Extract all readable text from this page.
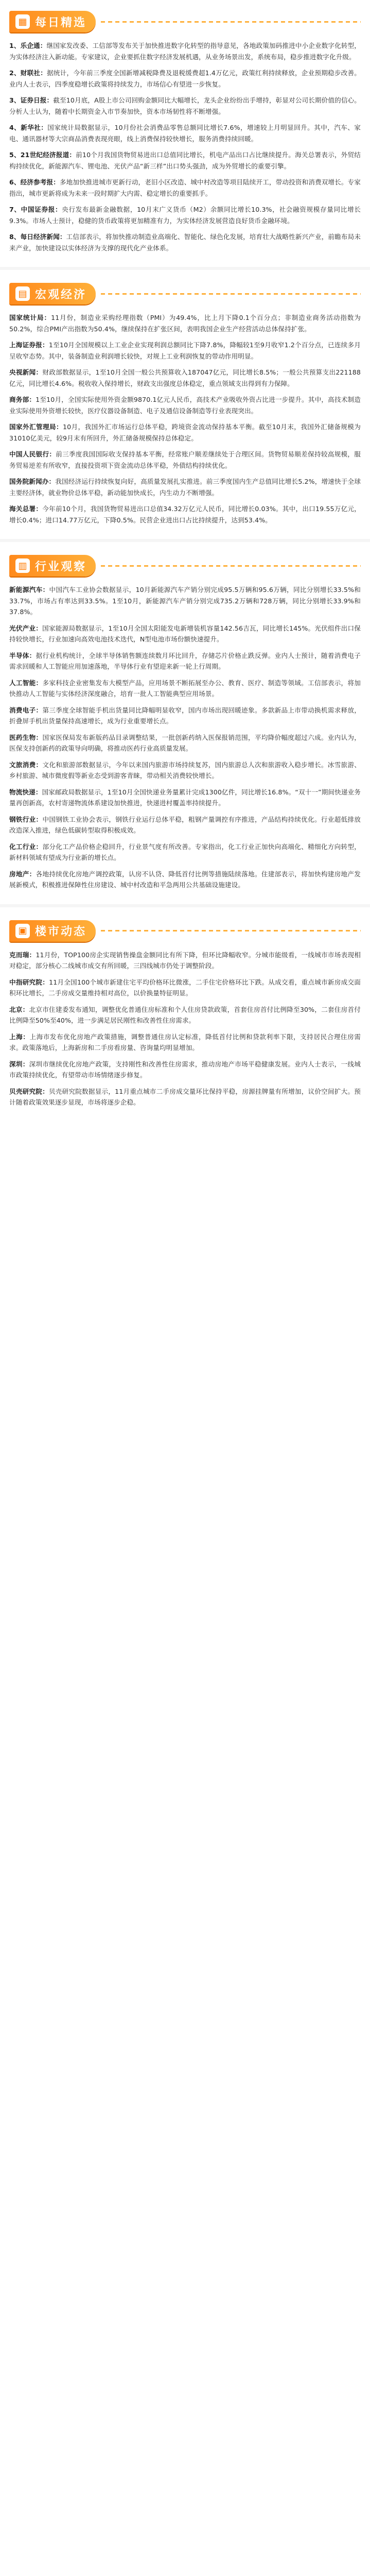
▦ 每日精选

1、乐企通：继国家发改委、工信部等发布关于加快推进数字化转型的指导意见，各地政策加码推进中小企业数字化转型，为实体经济注入新动能。专家建议，企业要抓住数字经济发展机遇，从业务场景出发，系统布局，稳步推进数字化升级。

2、财联社：据统计，今年前三季度全国新增减税降费及退税缓费超1.4万亿元，政策红利持续释放，企业预期稳步改善。业内人士表示，四季度稳增长政策将持续发力，市场信心有望进一步恢复。

3、证券日报：截至10月底，A股上市公司回购金额同比大幅增长，龙头企业纷纷出手增持，彰显对公司长期价值的信心。分析人士认为，随着中长期资金入市节奏加快，资本市场韧性将不断增强。

4、新华社：国家统计局数据显示，10月份社会消费品零售总额同比增长7.6%，增速较上月明显回升。其中，汽车、家电、通讯器材等大宗商品消费表现亮眼，线上消费保持较快增长，服务消费持续回暖。

5、21世纪经济报道：前10个月我国货物贸易进出口总值同比增长，机电产品出口占比继续提升。海关总署表示，外贸结构持续优化，新能源汽车、锂电池、光伏产品“新三样”出口势头强劲，成为外贸增长的重要引擎。

6、经济参考报：多地加快推进城市更新行动，老旧小区改造、城中村改造等项目陆续开工，带动投资和消费双增长。专家指出，城市更新将成为未来一段时期扩大内需、稳定增长的重要抓手。

7、中国证券报：央行发布最新金融数据，10月末广义货币（M2）余额同比增长10.3%，社会融资规模存量同比增长9.3%。市场人士预计，稳健的货币政策将更加精准有力，为实体经济发展营造良好货币金融环境。

8、每日经济新闻：工信部表示，将加快推动制造业高端化、智能化、绿色化发展，培育壮大战略性新兴产业，前瞻布局未来产业，加快建设以实体经济为支撑的现代化产业体系。

▤ 宏观经济

国家统计局：11月份，制造业采购经理指数（PMI）为49.4%，比上月下降0.1个百分点；非制造业商务活动指数为50.2%，综合PMI产出指数为50.4%，继续保持在扩张区间，表明我国企业生产经营活动总体保持扩张。

上海证券报：1至10月全国规模以上工业企业实现利润总额同比下降7.8%，降幅较1至9月收窄1.2个百分点，已连续多月呈收窄态势。其中，装备制造业利润增长较快，对规上工业利润恢复的带动作用明显。

央视新闻：财政部数据显示，1至10月全国一般公共预算收入187047亿元，同比增长8.5%；一般公共预算支出221188亿元，同比增长4.6%。税收收入保持增长，财政支出强度总体稳定，重点领域支出得到有力保障。

商务部：1至10月，全国实际使用外资金额9870.1亿元人民币，高技术产业吸收外资占比进一步提升。其中，高技术制造业实际使用外资增长较快，医疗仪器设备制造、电子及通信设备制造等行业表现突出。

国家外汇管理局：10月，我国外汇市场运行总体平稳，跨境资金流动保持基本平衡。截至10月末，我国外汇储备规模为31010亿美元，较9月末有所回升，外汇储备规模保持总体稳定。

中国人民银行：前三季度我国国际收支保持基本平衡，经常账户顺差继续处于合理区间。货物贸易顺差保持较高规模，服务贸易逆差有所收窄，直接投资项下资金流动总体平稳，外债结构持续优化。

国务院新闻办：我国经济运行持续恢复向好，高质量发展扎实推进。前三季度国内生产总值同比增长5.2%，增速快于全球主要经济体，就业物价总体平稳，新动能加快成长，内生动力不断增强。

海关总署：今年前10个月，我国货物贸易进出口总值34.32万亿元人民币，同比增长0.03%。其中，出口19.55万亿元，增长0.4%；进口14.77万亿元，下降0.5%。民营企业进出口占比持续提升，达到53.4%。

▥ 行业观察

新能源汽车：中国汽车工业协会数据显示，10月新能源汽车产销分别完成95.5万辆和95.6万辆，同比分别增长33.5%和33.7%，市场占有率达到33.5%。1至10月，新能源汽车产销分别完成735.2万辆和728万辆，同比分别增长33.9%和37.8%。

光伏产业：国家能源局数据显示，1至10月全国太阳能发电新增装机容量142.56吉瓦，同比增长145%。光伏组件出口保持较快增长，行业加速向高效电池技术迭代，N型电池市场份额快速提升。

半导体：据行业机构统计，全球半导体销售额连续数月环比回升，存储芯片价格止跌反弹。业内人士预计，随着消费电子需求回暖和人工智能应用加速落地，半导体行业有望迎来新一轮上行周期。

人工智能：多家科技企业密集发布大模型产品，应用场景不断拓展至办公、教育、医疗、制造等领域。工信部表示，将加快推动人工智能与实体经济深度融合，培育一批人工智能典型应用场景。

消费电子：第三季度全球智能手机出货量同比降幅明显收窄，国内市场出现回暖迹象。多款新品上市带动换机需求释放，折叠屏手机出货量保持高速增长，成为行业重要增长点。

医药生物：国家医保局发布新版药品目录调整结果，一批创新药纳入医保报销范围，平均降价幅度超过六成。业内认为，医保支持创新药的政策导向明确，将推动医药行业高质量发展。

文旅消费：文化和旅游部数据显示，今年以来国内旅游市场持续复苏，国内旅游总人次和旅游收入稳步增长。冰雪旅游、乡村旅游、城市微度假等新业态受到游客青睐，带动相关消费较快增长。

物流快递：国家邮政局数据显示，1至10月全国快递业务量累计完成1300亿件，同比增长16.8%。“双十一”期间快递业务量再创新高，农村寄递物流体系建设加快推进，快递进村覆盖率持续提升。

钢铁行业：中国钢铁工业协会表示，钢铁行业运行总体平稳，粗钢产量调控有序推进，产品结构持续优化。行业超低排放改造深入推进，绿色低碳转型取得积极成效。

化工行业：部分化工产品价格企稳回升，行业景气度有所改善。专家指出，化工行业正加快向高端化、精细化方向转型，新材料领域有望成为行业新的增长点。

房地产：各地持续优化房地产调控政策，认房不认贷、降低首付比例等措施陆续落地。住建部表示，将加快构建房地产发展新模式，积极推进保障性住房建设、城中村改造和平急两用公共基础设施建设。

▣ 楼市动态

克而瑞：11月份，TOP100房企实现销售操盘金额同比有所下降，但环比降幅收窄。分城市能级看，一线城市市场表现相对稳定，部分核心二线城市成交有所回暖，三四线城市仍处于调整阶段。

中指研究院：11月全国100个城市新建住宅平均价格环比微涨，二手住宅价格环比下跌。从成交看，重点城市新房成交面积环比增长，二手房成交量维持相对高位，以价换量特征明显。

北京：北京市住建委发布通知，调整优化普通住房标准和个人住房贷款政策，首套住房首付比例降至30%，二套住房首付比例降至50%至40%，进一步满足居民刚性和改善性住房需求。

上海：上海市发布优化房地产政策措施，调整普通住房认定标准，降低首付比例和贷款利率下限，支持居民合理住房需求。政策落地后，上海新房和二手房看房量、咨询量均明显增加。

深圳：深圳市继续优化房地产政策，支持刚性和改善性住房需求，推动房地产市场平稳健康发展。业内人士表示，一线城市政策持续优化，有望带动市场情绪逐步修复。

贝壳研究院：贝壳研究院数据显示，11月重点城市二手房成交量环比保持平稳，房源挂牌量有所增加，议价空间扩大。预计随着政策效果逐步显现，市场将逐步企稳。
